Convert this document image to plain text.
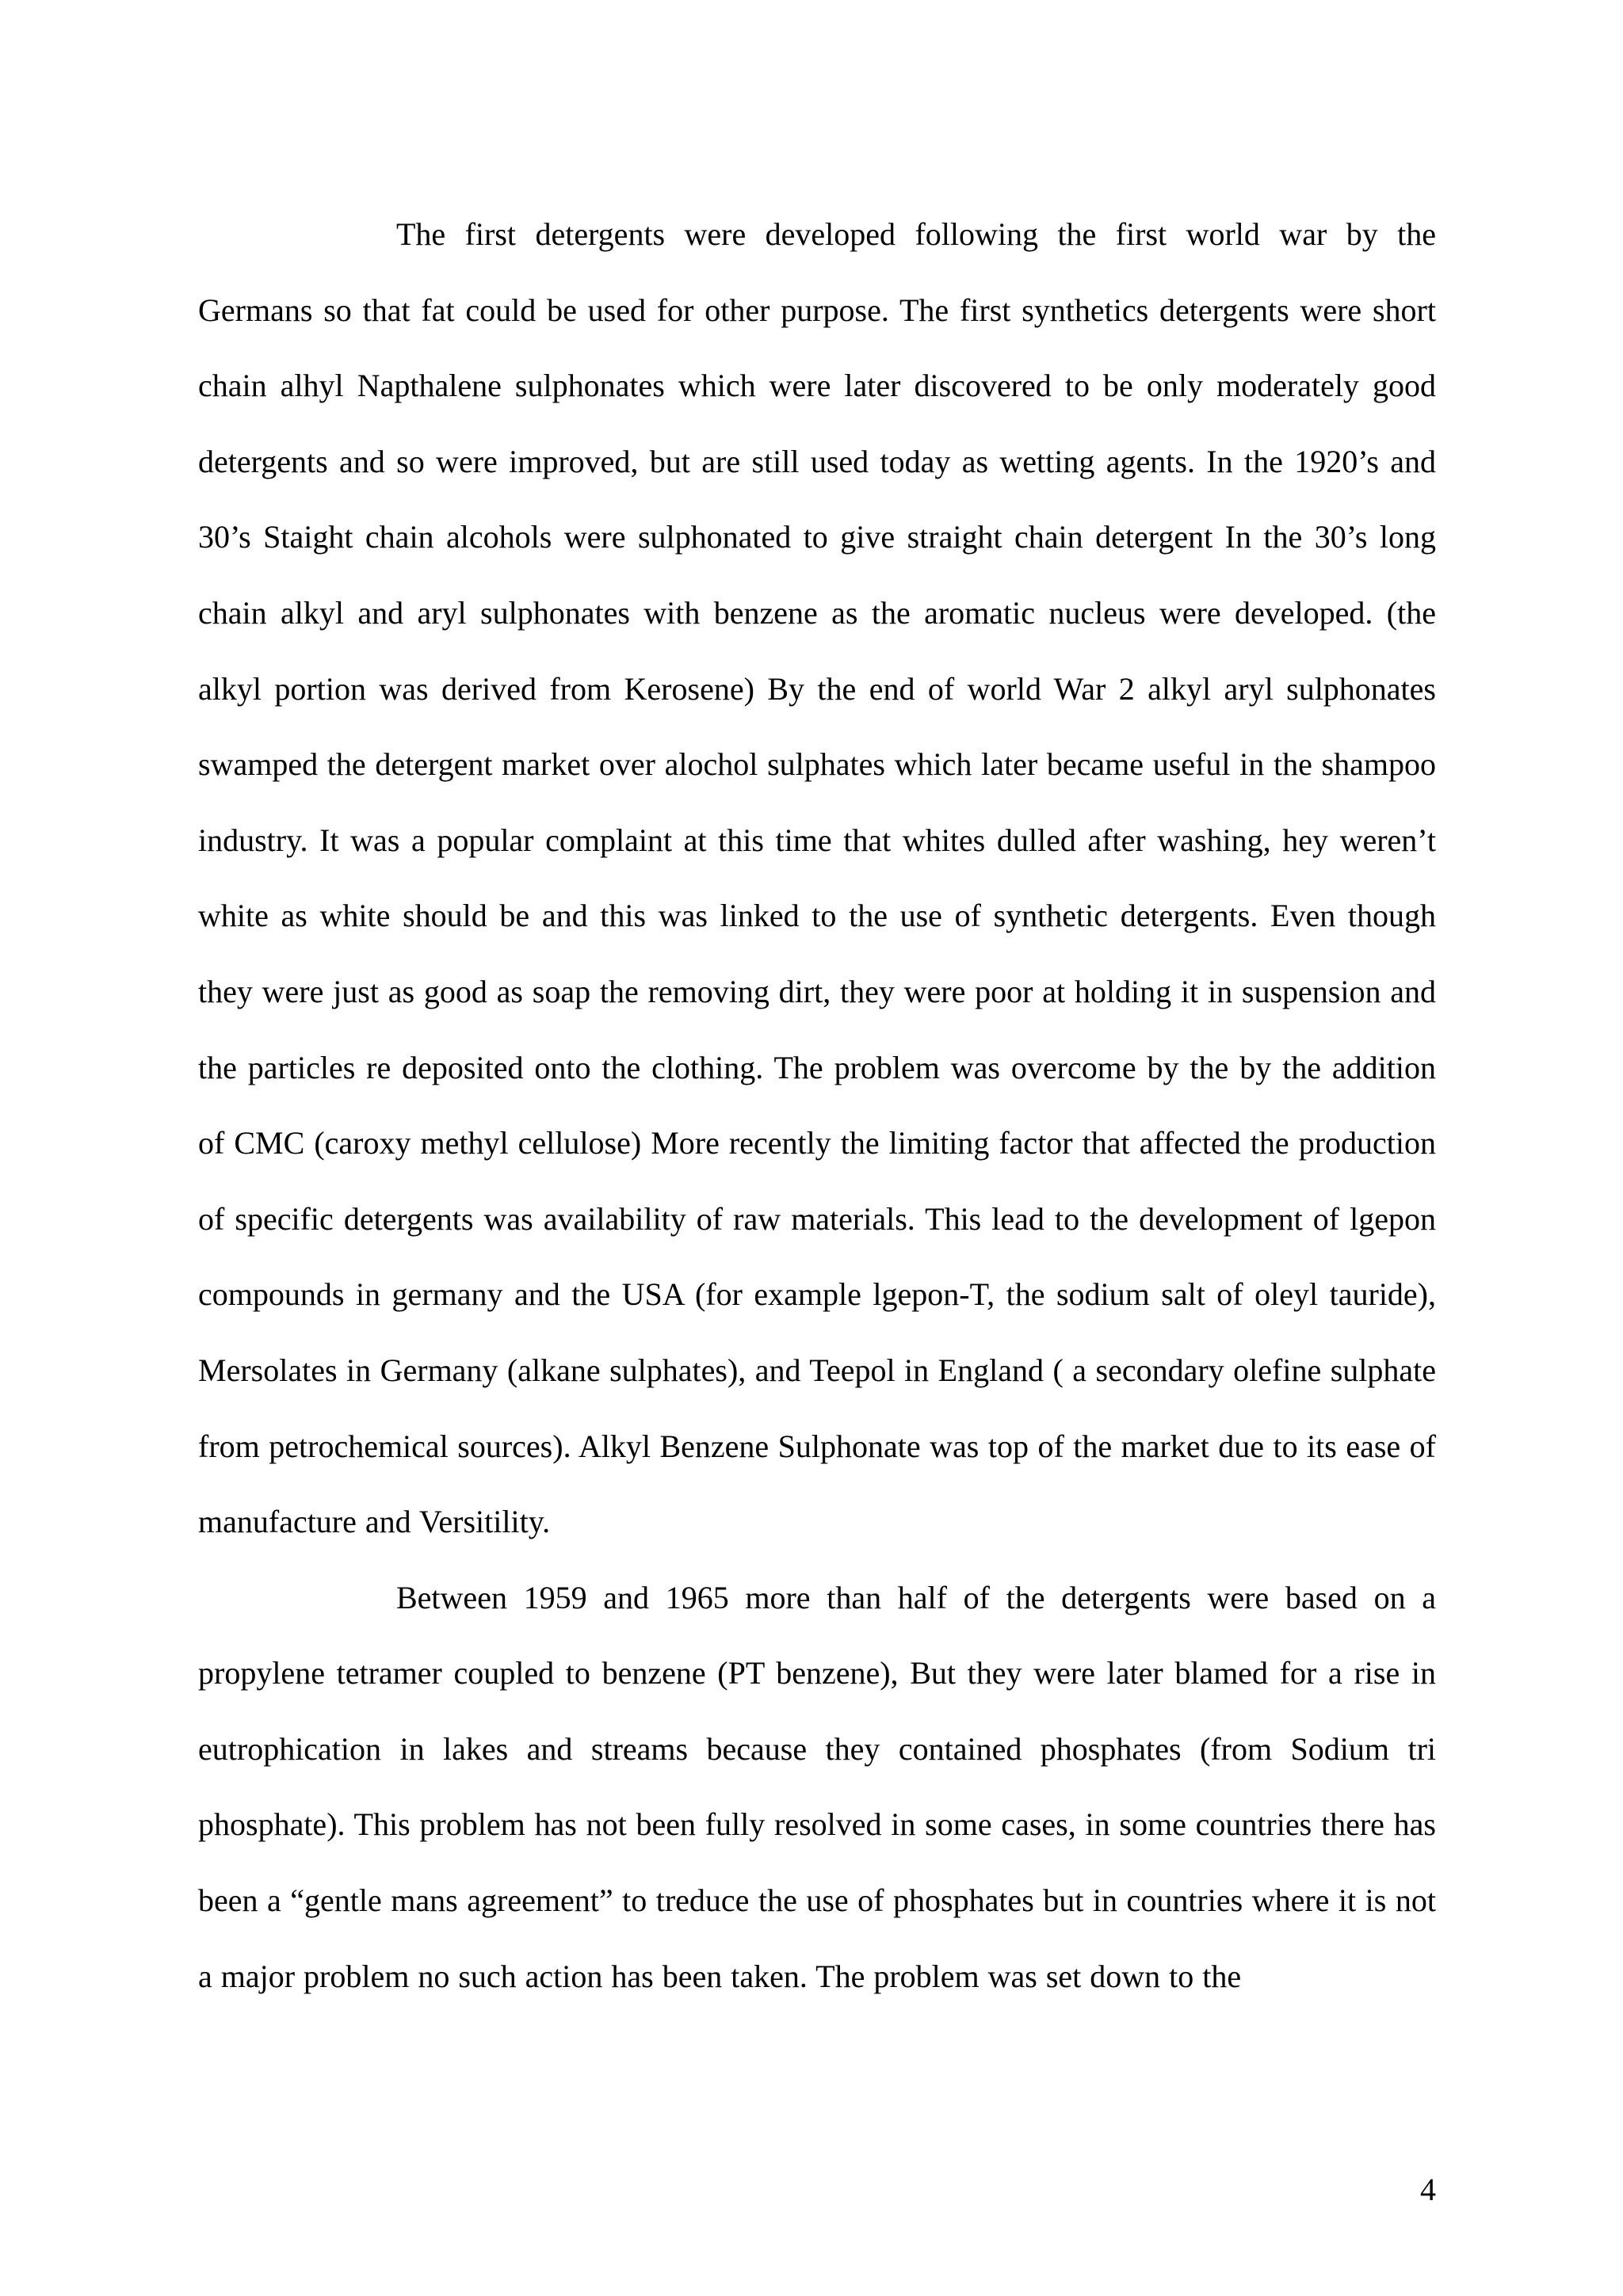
The first detergents were developed following the first world war by the Germans so that fat could be used for other purpose. The first synthetics detergents were short chain alhyl Napthalene sulphonates which were later discovered to be only moderately good detergents and so were improved, but are still used today as wetting agents. In the 1920’s and 30’s Staight chain alcohols were sulphonated to give straight chain detergent In the 30’s long chain alkyl and aryl sulphonates with benzene as the aromatic nucleus were developed. (the alkyl portion was derived from Kerosene) By the end of world War 2 alkyl aryl sulphonates swamped the detergent market over alochol sulphates which later became useful in the shampoo industry. It was a popular complaint at this time that whites dulled after washing, hey weren’t white as white should be and this was linked to the use of synthetic detergents. Even though they were just as good as soap the removing dirt, they were poor at holding it in suspension and the particles re deposited onto the clothing. The problem was overcome by the by the addition of CMC (caroxy methyl cellulose) More recently the limiting factor that affected the production of specific detergents was availability of raw materials. This lead to the development of lgepon compounds in germany and the USA (for example lgepon-T, the sodium salt of oleyl tauride), Mersolates in Germany (alkane sulphates), and Teepol in England ( a secondary olefine sulphate from petrochemical sources). Alkyl Benzene Sulphonate was top of the market due to its ease of manufacture and Versitility.

Between 1959 and 1965 more than half of the detergents were based on a propylene tetramer coupled to benzene (PT benzene), But they were later blamed for a rise in eutrophication in lakes and streams because they contained phosphates (from Sodium tri phosphate). This problem has not been fully resolved in some cases, in some countries there has been a “gentle mans agreement” to treduce the use of phosphates but in countries where it is not a major problem no such action has been taken. The problem was set down to the

4
